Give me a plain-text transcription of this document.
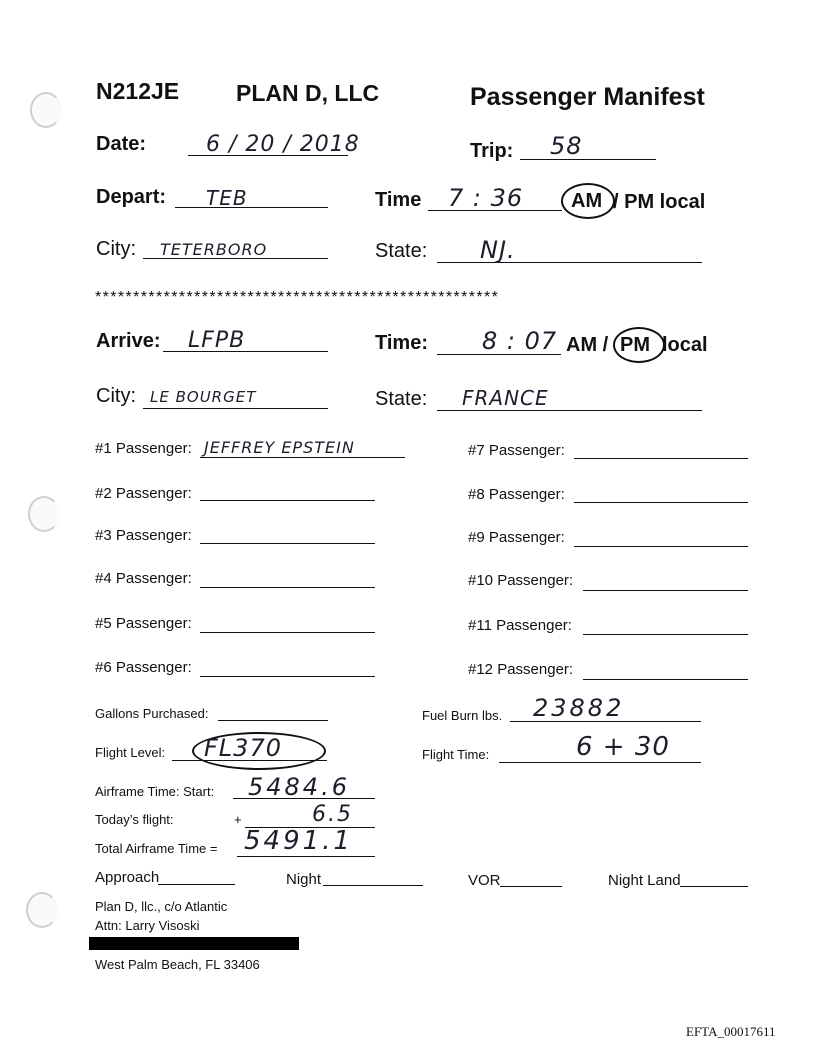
N212JE PLAN D, LLC	Passenger Manifest
Date:	6 / 20 / 2018	Trip: 58
Depart: TEB	Time 7 : 36 AM / PM local
City: TETERBORO	State: NJ.
*****************************************************
Arrive: LFPB	Time: 8 : 07 AM / PM local
City: LE BOURGET	State: FRANCE
#1 Passenger: JEFFREY EPSTEIN
#2 Passenger:
#3 Passenger:
#4 Passenger:
#5 Passenger:
#6 Passenger:
#7 Passenger:
#8 Passenger:
#9 Passenger:
#10 Passenger:
#11 Passenger:
#12 Passenger:
Gallons Purchased:	Fuel Burn lbs. 23882
Flight Level: FL370	Flight Time:	6 + 30
Airframe Time: Start: 5484.6
Today’s flight:	+	6.5
Total Airframe Time = 5491.1
Approach	Night	VOR	Night Land
Plan D, llc., c/o Atlantic
Attn: Larry Visoski
West Palm Beach, FL 33406
EFTA_00017611
